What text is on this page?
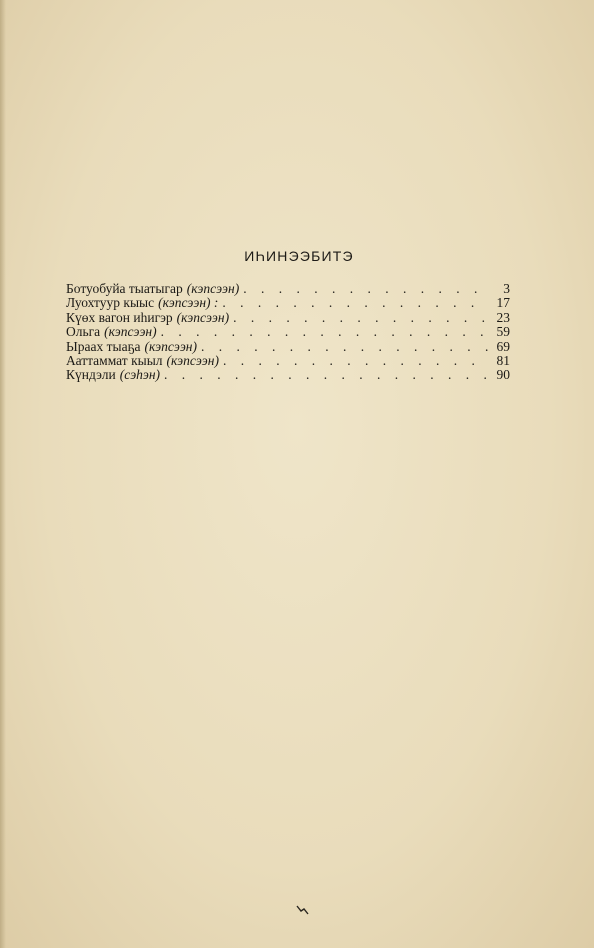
ИҺИНЭЭБИТЭ
Ботуобуйа тыатыгар (кэпсээн) . . .	3
Луохтуур кыыс (кэпсээн) : . . .	17
Күөх вагон иһигэр (кэпсээн) . . .	23
Ольга (кэпсээн) . . .	59
Ыраах тыаҕа (кэпсээн) . . .	69
Ааттаммат кыыл (кэпсээн) . . .	81
Күндэли (сэһэн) . . .	90
